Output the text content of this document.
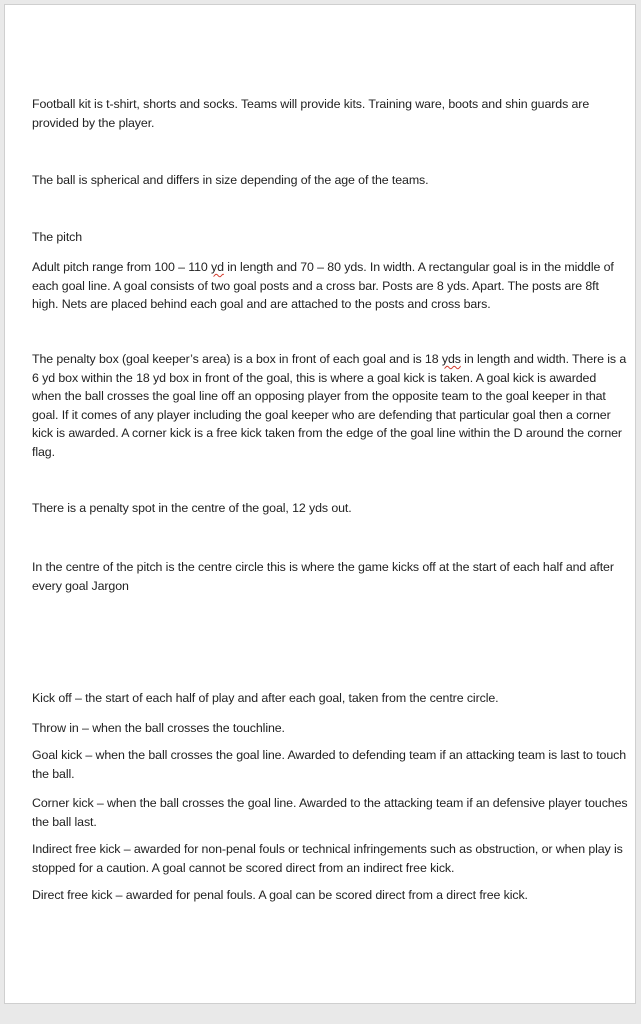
Football kit is t-shirt, shorts and socks. Teams will provide kits. Training ware, boots and shin guards are provided by the player.

The ball is spherical and differs in size depending of the age of the teams.

The pitch

Adult pitch range from 100 – 110 yd in length and 70 – 80 yds. In width. A rectangular goal is in the middle of each goal line. A goal consists of two goal posts and a cross bar. Posts are 8 yds. Apart. The posts are 8ft high. Nets are placed behind each goal and are attached to the posts and cross bars.

The penalty box (goal keeper’s area) is a box in front of each goal and is 18 yds in length and width. There is a 6 yd box within the 18 yd box in front of the goal, this is where a goal kick is taken. A goal kick is awarded when the ball crosses the goal line off an opposing player from the opposite team to the goal keeper in that goal. If it comes of any player including the goal keeper who are defending that particular goal then a corner kick is awarded. A corner kick is a free kick taken from the edge of the goal line within the D around the corner flag.

There is a penalty spot in the centre of the goal, 12 yds out.

In the centre of the pitch is the centre circle this is where the game kicks off at the start of each half and after every goal Jargon

Kick off – the start of each half of play and after each goal, taken from the centre circle.

Throw in – when the ball crosses the touchline.

Goal kick – when the ball crosses the goal line. Awarded to defending team if an attacking team is last to touch the ball.

Corner kick – when the ball crosses the goal line. Awarded to the attacking team if an defensive player touches the ball last.

Indirect free kick – awarded for non-penal fouls or technical infringements such as obstruction, or when play is stopped for a caution. A goal cannot be scored direct from an indirect free kick.

Direct free kick – awarded for penal fouls. A goal can be scored direct from a direct free kick.
